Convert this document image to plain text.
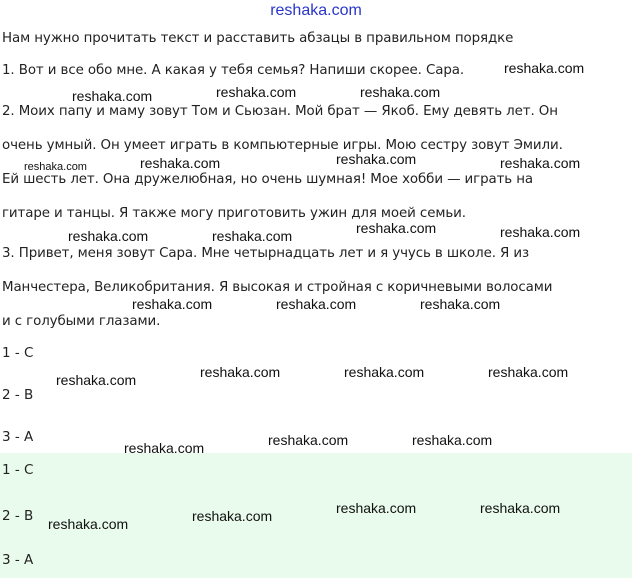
reshaka.com
Нам нужно прочитать текст и расставить абзацы в правильном порядке
1. Вот и все обо мне. А какая у тебя семья? Напиши скорее. Сара.
2. Моих папу и маму зовут Том и Сьюзан. Мой брат — Якоб. Ему девять лет. Он
очень умный. Он умеет играть в компьютерные игры. Мою сестру зовут Эмили.
Ей шесть лет. Она дружелюбная, но очень шумная! Мое хобби — играть на
гитаре и танцы. Я также могу приготовить ужин для моей семьи.
3. Привет, меня зовут Сара. Мне четырнадцать лет и я учусь в школе. Я из
Манчестера, Великобритания. Я высокая и стройная с коричневыми волосами
и с голубыми глазами.
1 - C
2 - B
3 - A
1 - C
2 - B
3 - A
reshaka.com
reshaka.com	reshaka.com	reshaka.com
reshaka.com	reshaka.com	reshaka.com	reshaka.com
reshaka.com
reshaka.com	reshaka.com	reshaka.com
reshaka.com	reshaka.com	reshaka.com
reshaka.com	reshaka.com	reshaka.com	reshaka.com
reshaka.com	reshaka.com	reshaka.com
reshaka.com	reshaka.com	reshaka.com	reshaka.com
